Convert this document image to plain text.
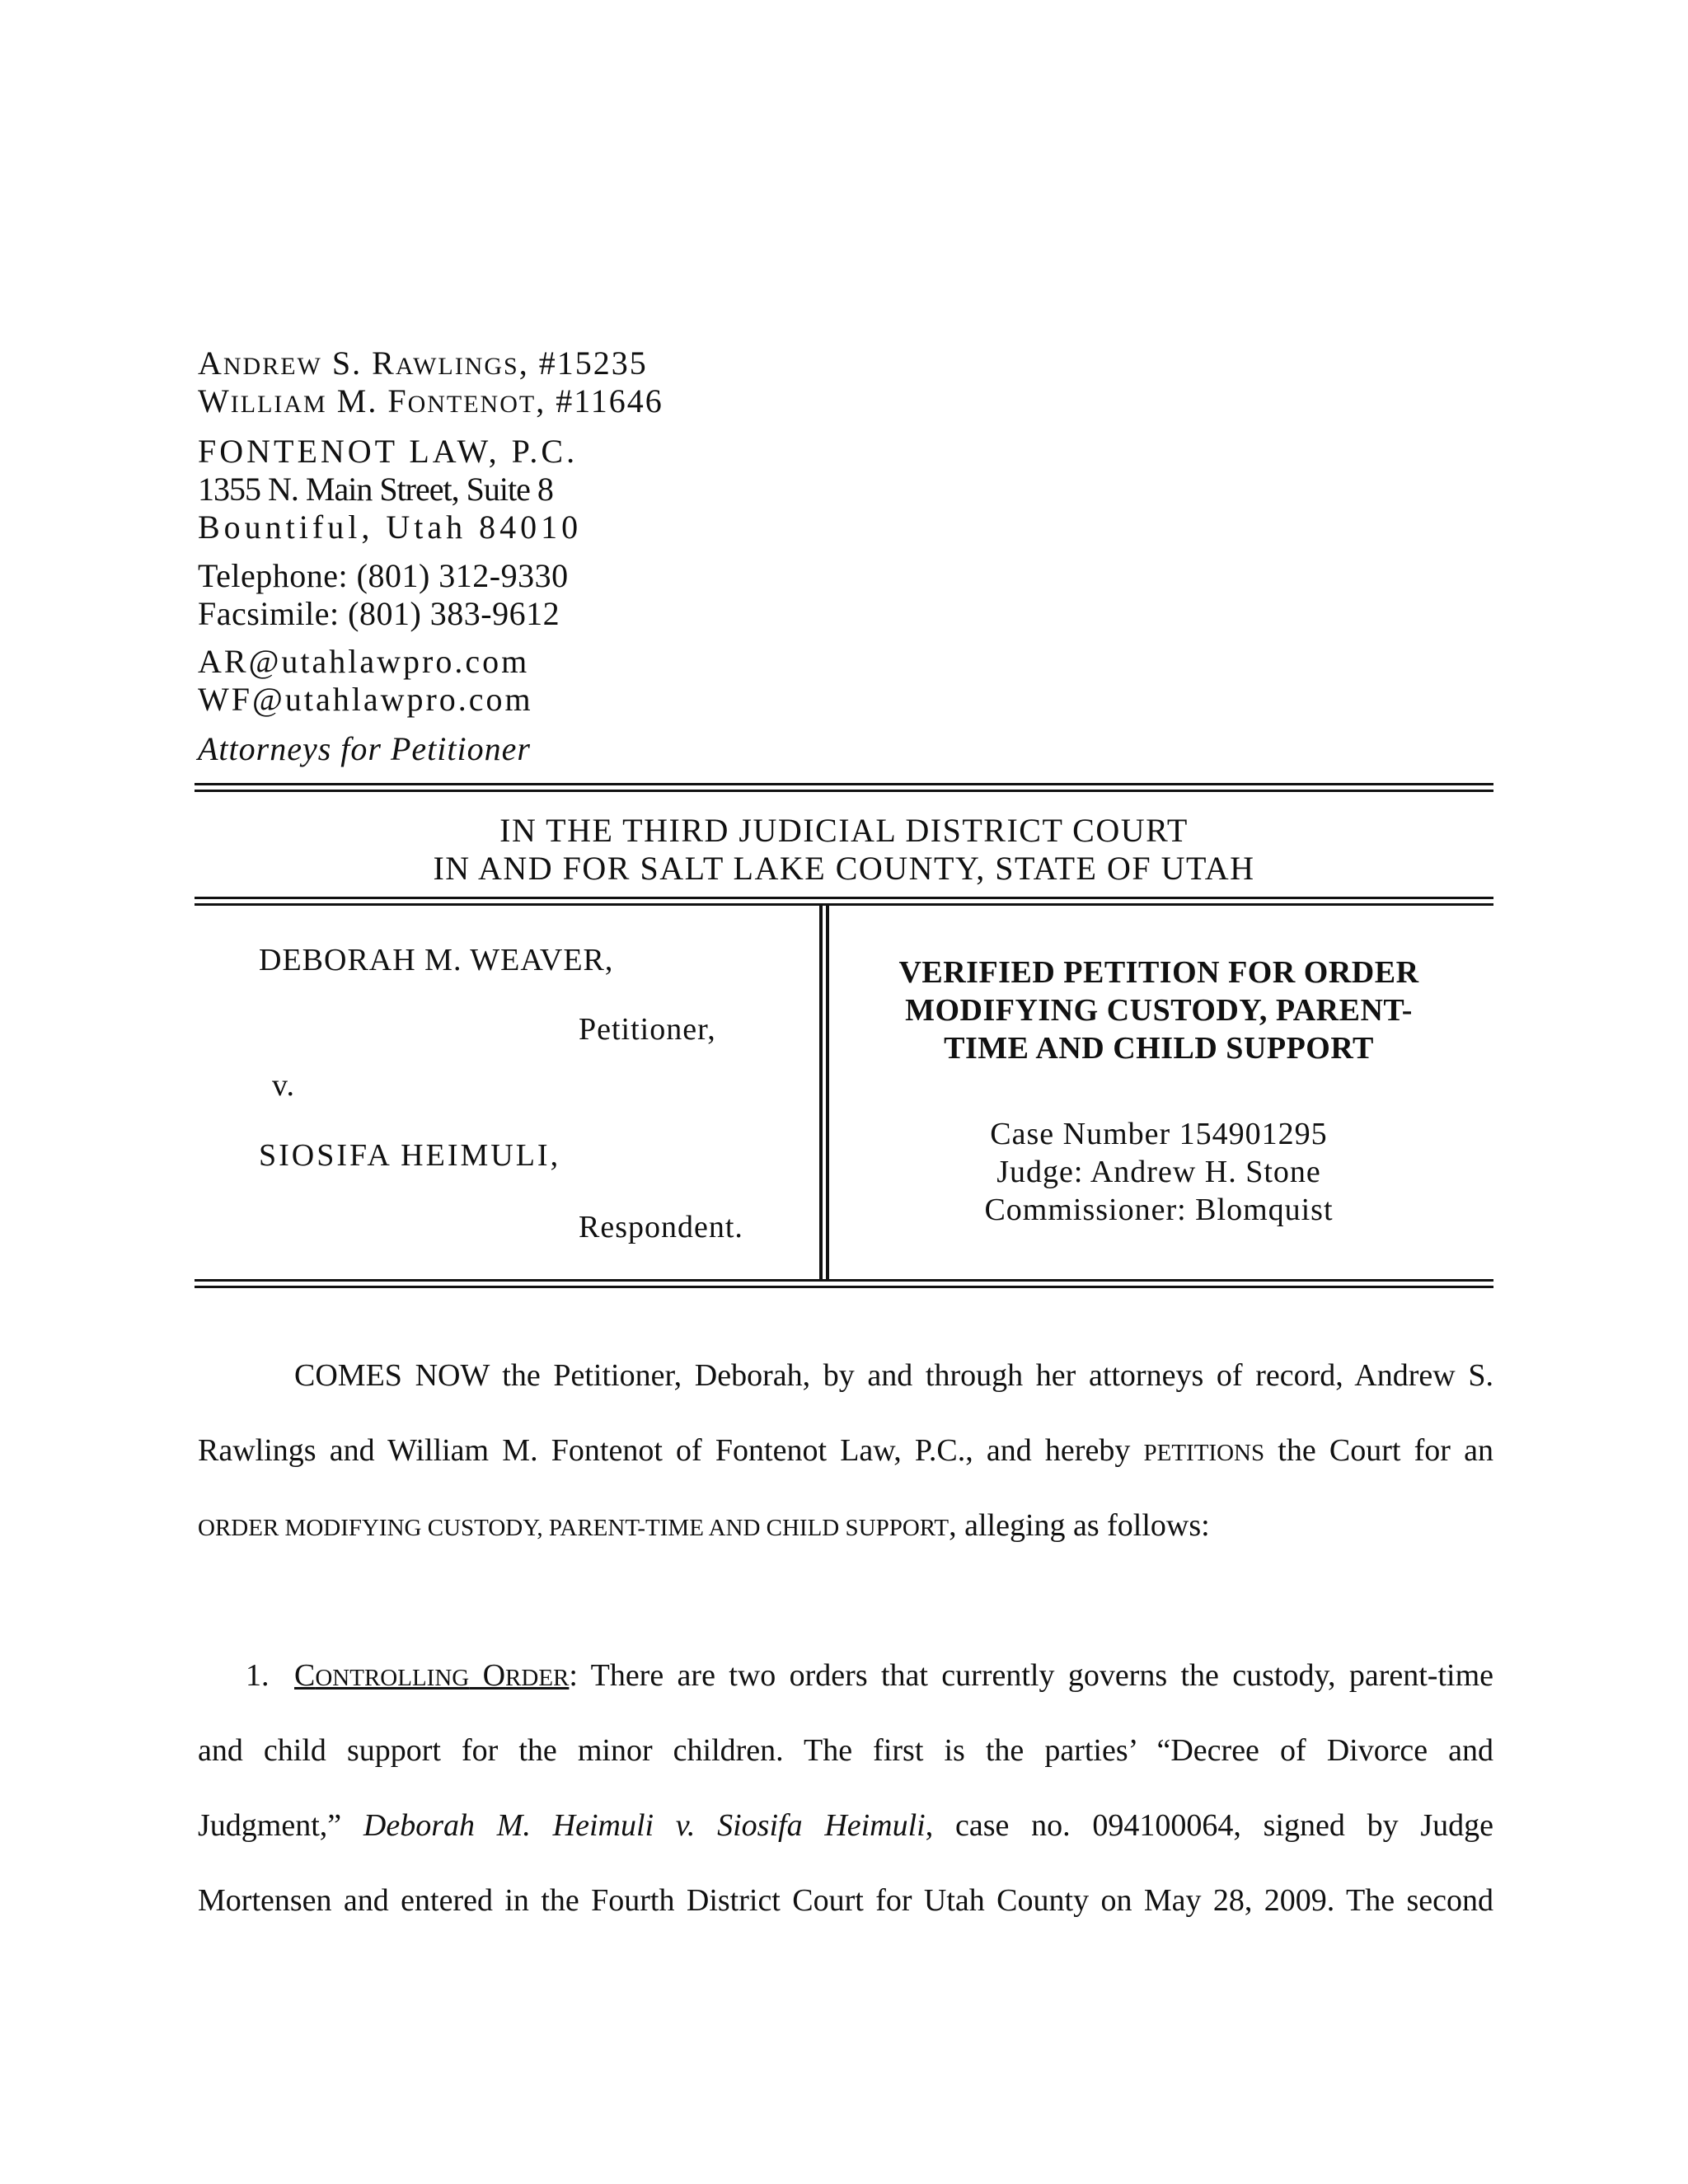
ANDREW S. RAWLINGS, #15235
WILLIAM M. FONTENOT, #11646
FONTENOT LAW, P.C.
1355 N. Main Street, Suite 8
Bountiful, Utah 84010
Telephone: (801) 312-9330
Facsimile: (801) 383-9612
AR@utahlawpro.com
WF@utahlawpro.com
Attorneys for Petitioner
IN THE THIRD JUDICIAL DISTRICT COURT
IN AND FOR SALT LAKE COUNTY, STATE OF UTAH
DEBORAH M. WEAVER,
Petitioner,
v.
SIOSIFA HEIMULI,
Respondent.
VERIFIED PETITION FOR ORDER
MODIFYING CUSTODY, PARENT-
TIME AND CHILD SUPPORT
Case Number 154901295
Judge: Andrew H. Stone
Commissioner: Blomquist
COMES NOW the Petitioner, Deborah, by and through her attorneys of record, Andrew S.
Rawlings and William M. Fontenot of Fontenot Law, P.C., and hereby PETITIONS the Court for an
ORDER MODIFYING CUSTODY, PARENT-TIME AND CHILD SUPPORT, alleging as follows:
1. CONTROLLING ORDER: There are two orders that currently governs the custody, parent-time
and child support for the minor children. The first is the parties’ “Decree of Divorce and
Judgment,” Deborah M. Heimuli v. Siosifa Heimuli, case no. 094100064, signed by Judge
Mortensen and entered in the Fourth District Court for Utah County on May 28, 2009. The second
